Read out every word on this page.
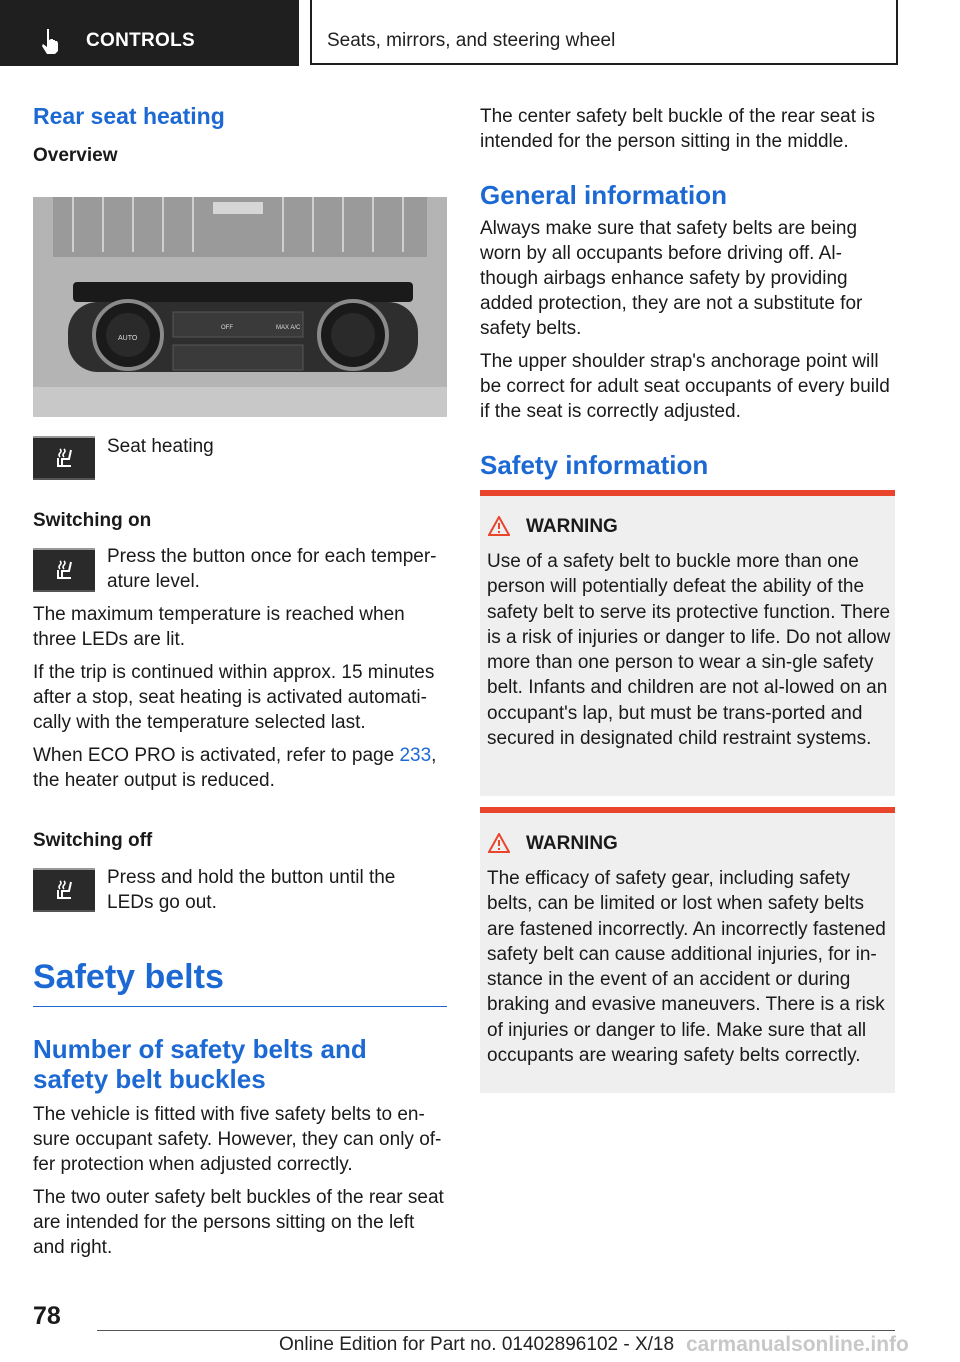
CONTROLS	Seats, mirrors, and steering wheel
Rear seat heating
Overview
AUTO
OFF	MAX A/C
Seat heating
Switching on
Press the button once for each temper-ature level.

The maximum temperature is reached when three LEDs are lit.

If the trip is continued within approx. 15 minutes after a stop, seat heating is activated automati-cally with the temperature selected last.

When ECO PRO is activated, refer to page 233, the heater output is reduced.

Switching off
Press and hold the button until the LEDs go out.
Safety belts
Number of safety belts and safety belt buckles

The vehicle is fitted with five safety belts to en-sure occupant safety. However, they can only of-fer protection when adjusted correctly.

The two outer safety belt buckles of the rear seat are intended for the persons sitting on the left and right.

The center safety belt buckle of the rear seat is intended for the person sitting in the middle.

General information

Always make sure that safety belts are being worn by all occupants before driving off. Al-though airbags enhance safety by providing added protection, they are not a substitute for safety belts.

The upper shoulder strap's anchorage point will be correct for adult seat occupants of every build if the seat is correctly adjusted.

Safety information
WARNING
Use of a safety belt to buckle more than one person will potentially defeat the ability of the safety belt to serve its protective function. There is a risk of injuries or danger to life. Do not allow more than one person to wear a sin-gle safety belt. Infants and children are not al-lowed on an occupant's lap, but must be trans-ported and secured in designated child restraint systems.
WARNING
The efficacy of safety gear, including safety belts, can be limited or lost when safety belts are fastened incorrectly. An incorrectly fastened safety belt can cause additional injuries, for in-stance in the event of an accident or during braking and evasive maneuvers. There is a risk of injuries or danger to life. Make sure that all occupants are wearing safety belts correctly.
78
Online Edition for Part no. 01402896102 - X/18 carmanualsonline.info
